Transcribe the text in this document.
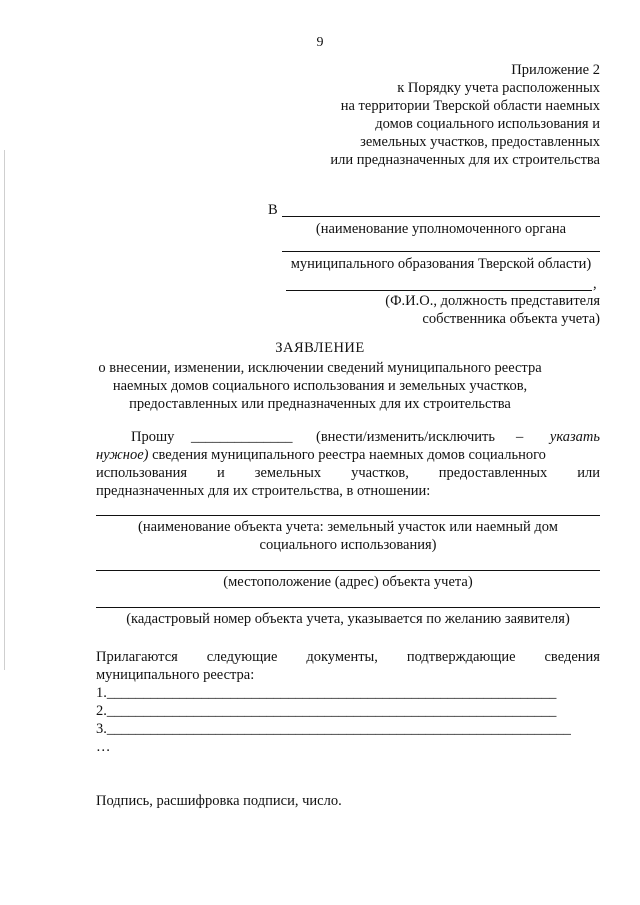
9
Приложение 2
к Порядку учета расположенных
на территории Тверской области наемных
домов социального использования и
земельных участков, предоставленных
или предназначенных для их строительства
В
(наименование уполномоченного органа
муниципального образования Тверской области)
,
(Ф.И.О., должность представителя
собственника объекта учета)
ЗАЯВЛЕНИЕ
о внесении, изменении, исключении сведений муниципального реестра
наемных домов социального использования и земельных участков,
предоставленных или предназначенных для их строительства
Прошу ______________ (внести/изменить/исключить – указать
нужное) сведения муниципального реестра наемных домов социального
использования и земельных участков, предоставленных или
предназначенных для их строительства, в отношении:
(наименование объекта учета: земельный участок или наемный дом
социального использования)
(местоположение (адрес) объекта учета)
(кадастровый номер объекта учета, указывается по желанию заявителя)
Прилагаются следующие документы, подтверждающие сведения
муниципального реестра:
1.______________________________________________________________
2.______________________________________________________________
3.________________________________________________________________
…
Подпись, расшифровка подписи, число.
